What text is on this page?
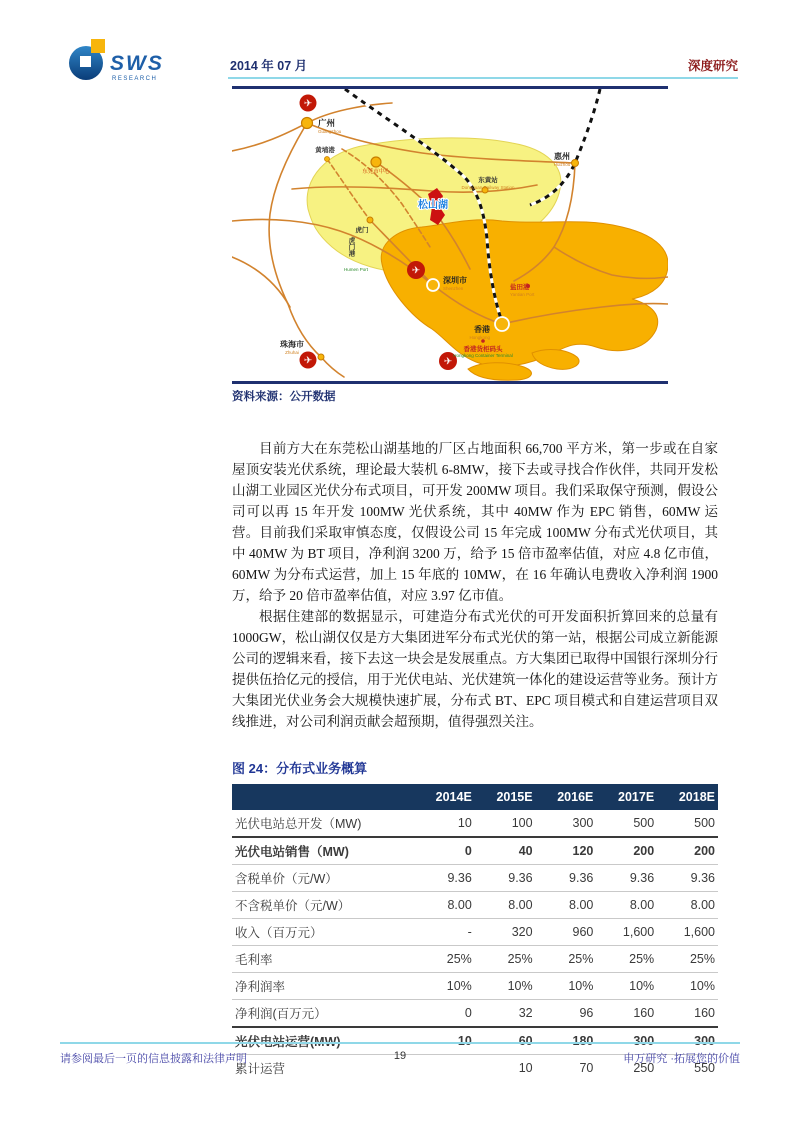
SWS
RESEARCH
2014 年 07 月	深度研究
✈
✈
✈
✈
广州
Guangzhou
黄埔港
东莞市中心
松山湖
东黄站
Dongguan Railway Station
惠州
Huizhou
虎门
虎门港
Humen Port
深圳市
Shenzhen	盐田港
Yantian Port
香港
Hongkong
香港货柜码头
Hongkong Container Terminal
珠海市
Zhuhai
资料来源：公开数据

目前方大在东莞松山湖基地的厂区占地面积 66,700 平方米，第一步或在自家屋顶安装光伏系统，理论最大装机 6-8MW，接下去或寻找合作伙伴，共同开发松山湖工业园区光伏分布式项目，可开发 200MW 项目。我们采取保守预测，假设公司可以再 15 年开发 100MW 光伏系统，其中 40MW 作为 EPC 销售，60MW 运营。目前我们采取审慎态度，仅假设公司 15 年完成 100MW 分布式光伏项目，其中 40MW 为 BT 项目，净利润 3200 万，给予 15 倍市盈率估值，对应 4.8 亿市值，60MW 为分布式运营，加上 15 年底的 10MW，在 16 年确认电费收入净利润 1900 万，给予 20 倍市盈率估值，对应 3.97 亿市值。

根据住建部的数据显示，可建造分布式光伏的可开发面积折算回来的总量有 1000GW，松山湖仅仅是方大集团进军分布式光伏的第一站，根据公司成立新能源公司的逻辑来看，接下去这一块会是发展重点。方大集团已取得中国银行深圳分行提供伍拾亿元的授信，用于光伏电站、光伏建筑一体化的建设运营等业务。预计方大集团光伏业务会大规模快速扩展，分布式 BT、EPC 项目模式和自建运营项目双线推进，对公司利润贡献会超预期，值得强烈关注。

图 24：分布式业务概算
	2014E	2015E	2016E	2017E	2018E
光伏电站总开发（MW)	10	100	300	500	500
光伏电站销售（MW)	0	40	120	200	200
含税单价（元/W）	9.36	9.36	9.36	9.36	9.36
不含税单价（元/W）	8.00	8.00	8.00	8.00	8.00
收入（百万元）	-	320	960	1,600	1,600
毛利率	25%	25%	25%	25%	25%
净利润率	10%	10%	10%	10%	10%
净利润(百万元）	0	32	96	160	160
光伏电站运营(MW)	10	60	180	300	300
累计运营		10	70	250	550
请参阅最后一页的信息披露和法律声明	19	申万研究 ·拓展您的价值
